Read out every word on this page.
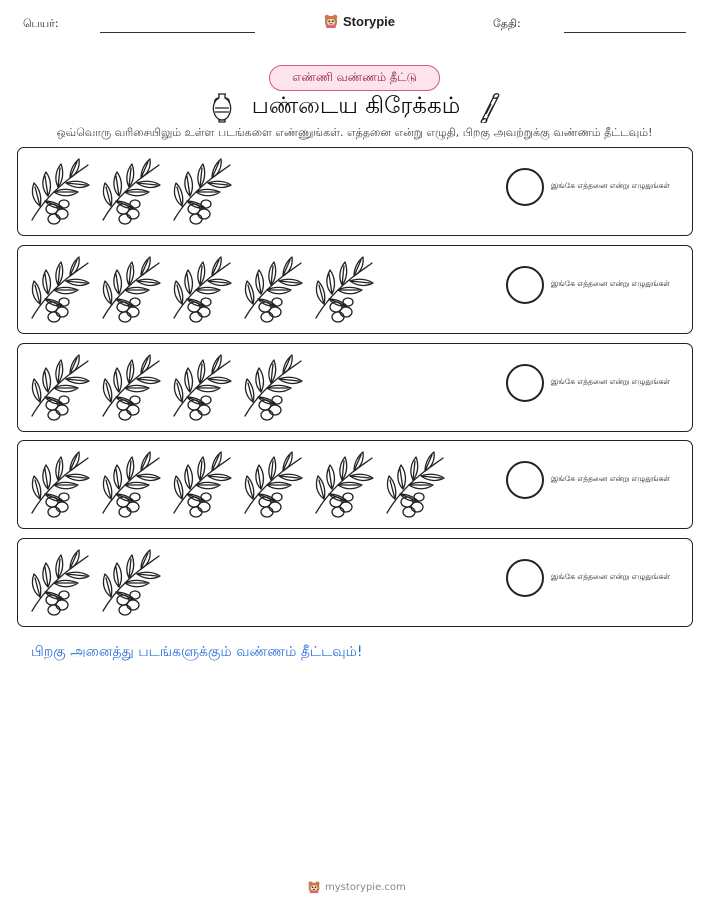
பெயர்:	Storypie	தேதி:
எண்ணி வண்ணம் தீட்டு
பண்டைய கிரேக்கம்
ஒவ்வொரு வரிசையிலும் உள்ள படங்களை எண்ணுங்கள். எத்தனை என்று எழுதி, பிறகு அவற்றுக்கு வண்ணம் தீட்டவும்!
இங்கே எத்தனை என்று எழுதுங்கள்
இங்கே எத்தனை என்று எழுதுங்கள்
இங்கே எத்தனை என்று எழுதுங்கள்
இங்கே எத்தனை என்று எழுதுங்கள்
இங்கே எத்தனை என்று எழுதுங்கள்
பிறகு அனைத்து படங்களுக்கும் வண்ணம் தீட்டவும்!
mystorypie.com
